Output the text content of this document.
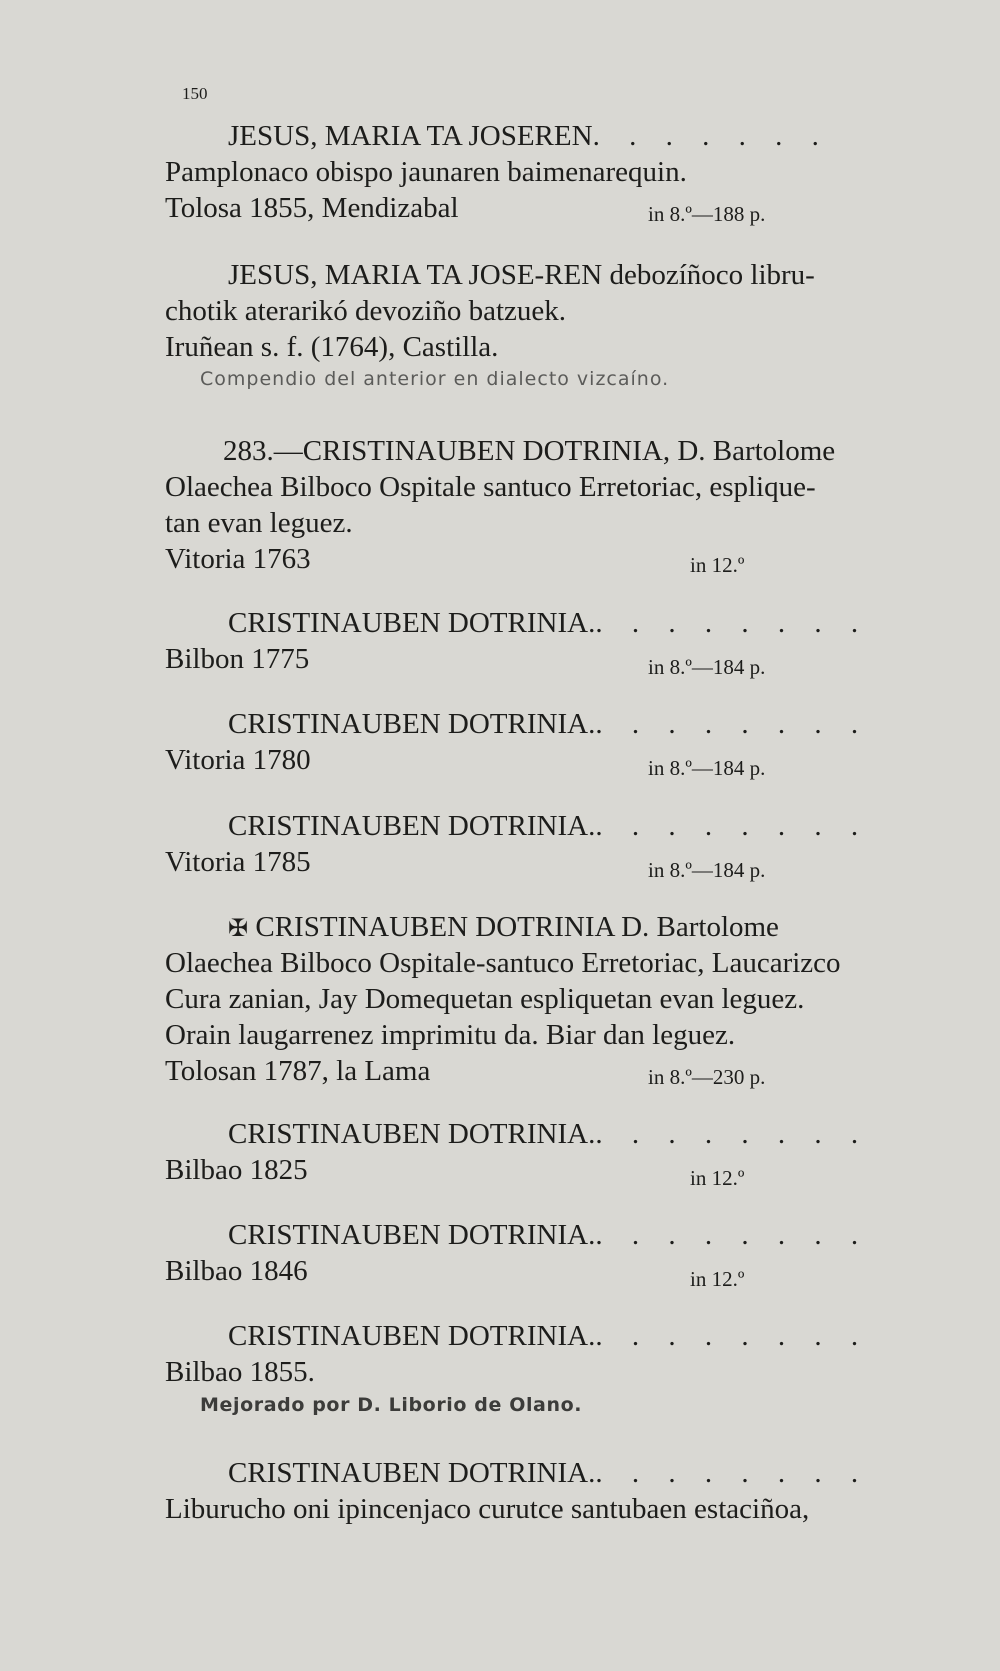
150
JESUS, MARIA TA JOSEREN. . . . . . .
Pamplonaco obispo jaunaren baimenarequin.
Tolosa 1855, Mendizabal	in 8.º—188 p.
JESUS, MARIA TA JOSE-REN debozíñoco libru-
chotik aterarikó devoziño batzuek.
Iruñean s. f. (1764), Castilla.
Compendio del anterior en dialecto vizcaíno.
283.—CRISTINAUBEN DOTRINIA, D. Bartolome
Olaechea Bilboco Ospitale santuco Erretoriac, esplique-
tan evan leguez.
Vitoria 1763	in 12.º
CRISTINAUBEN DOTRINIA.. . . . . . . .
Bilbon 1775	in 8.º—184 p.
CRISTINAUBEN DOTRINIA.. . . . . . . .
Vitoria 1780	in 8.º—184 p.
CRISTINAUBEN DOTRINIA.. . . . . . . .
Vitoria 1785	in 8.º—184 p.
✠ CRISTINAUBEN DOTRINIA D. Bartolome
Olaechea Bilboco Ospitale-santuco Erretoriac, Laucarizco
Cura zanian, Jay Domequetan espliquetan evan leguez.
Orain laugarrenez imprimitu da. Biar dan leguez.
Tolosan 1787, la Lama	in 8.º—230 p.
CRISTINAUBEN DOTRINIA.. . . . . . . .
Bilbao 1825	in 12.º
CRISTINAUBEN DOTRINIA.. . . . . . . .
Bilbao 1846	in 12.º
CRISTINAUBEN DOTRINIA.. . . . . . . .
Bilbao 1855.
Mejorado por D. Liborio de Olano.
CRISTINAUBEN DOTRINIA.. . . . . . . .
Liburucho oni ipincenjaco curutce santubaen estaciñoa,
